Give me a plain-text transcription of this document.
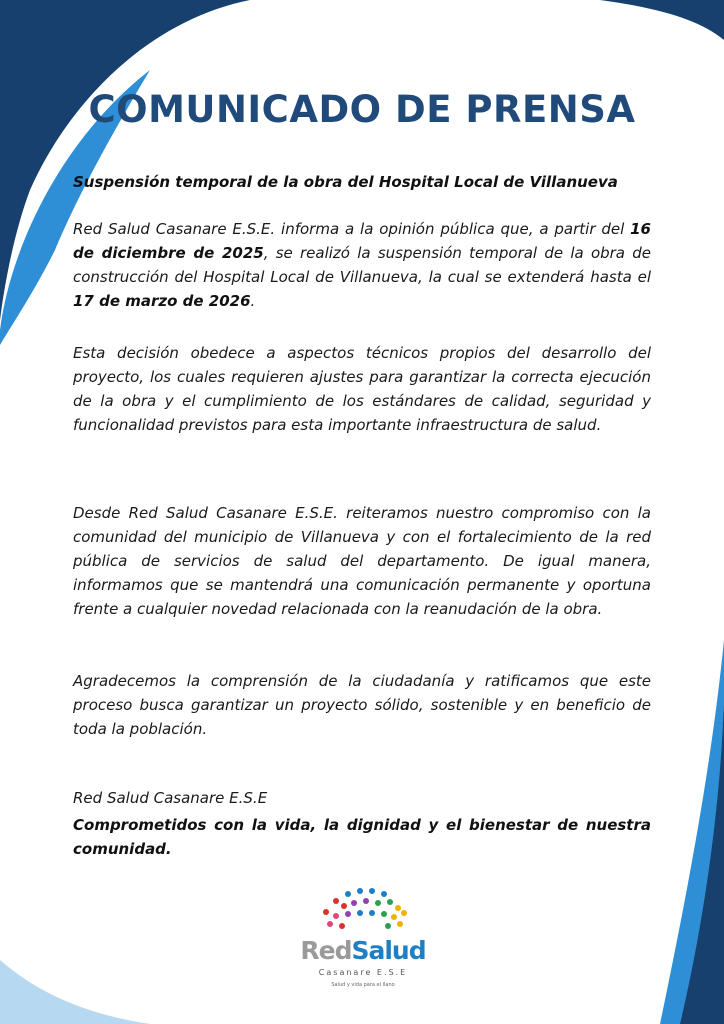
COMUNICADO DE PRENSA
Suspensión temporal de la obra del Hospital Local de Villanueva

Red Salud Casanare E.S.E. informa a la opinión pública que, a partir del 16 de diciembre de 2025, se realizó la suspensión temporal de la obra de construcción del Hospital Local de Villanueva, la cual se extenderá hasta el 17 de marzo de 2026.

Esta decisión obedece a aspectos técnicos propios del desarrollo del proyecto, los cuales requieren ajustes para garantizar la correcta ejecución de la obra y el cumplimiento de los estándares de calidad, seguridad y funcionalidad previstos para esta importante infraestructura de salud.

Desde Red Salud Casanare E.S.E. reiteramos nuestro compromiso con la comunidad del municipio de Villanueva y con el fortalecimiento de la red pública de servicios de salud del departamento. De igual manera, informamos que se mantendrá una comunicación permanente y oportuna frente a cualquier novedad relacionada con la reanudación de la obra.

Agradecemos la comprensión de la ciudadanía y ratificamos que este proceso busca garantizar un proyecto sólido, sostenible y en beneficio de toda la población.

Red Salud Casanare E.S.E

Comprometidos con la vida, la dignidad y el bienestar de nuestra comunidad.

RedSalud
Casanare E.S.E
Salud y vida para el llano
